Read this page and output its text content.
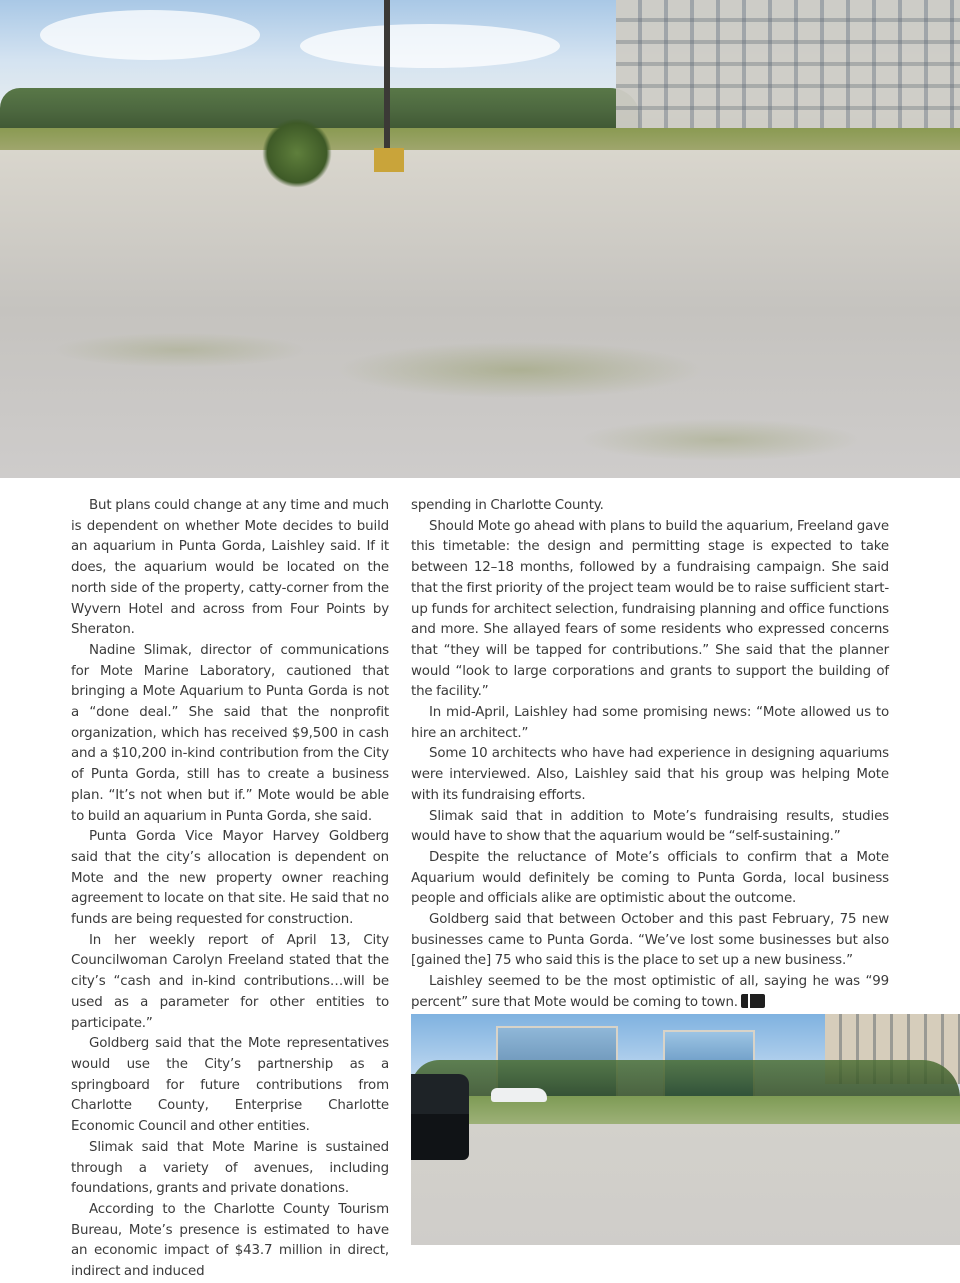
But plans could change at any time and much is dependent on whether Mote decides to build an aquarium in Punta Gorda, Laishley said. If it does, the aquarium would be located on the north side of the property, catty-corner from the Wyvern Hotel and across from Four Points by Sheraton.

Nadine Slimak, director of communications for Mote Marine Laboratory, cautioned that bringing a Mote Aquarium to Punta Gorda is not a “done deal.” She said that the nonprofit organization, which has received $9,500 in cash and a $10,200 in-kind contribution from the City of Punta Gorda, still has to create a business plan. “It’s not when but if.” Mote would be able to build an aquarium in Punta Gorda, she said.

Punta Gorda Vice Mayor Harvey Goldberg said that the city’s allocation is dependent on Mote and the new property owner reaching agreement to locate on that site. He said that no funds are being requested for construction.

In her weekly report of April 13, City Councilwoman Carolyn Freeland stated that the city’s “cash and in-kind contributions…will be used as a parameter for other entities to participate.”

Goldberg said that the Mote representatives would use the City’s partnership as a springboard for future contributions from Charlotte County, Enterprise Charlotte Economic Council and other entities.

Slimak said that Mote Marine is sustained through a variety of avenues, including foundations, grants and private donations.

According to the Charlotte County Tourism Bureau, Mote’s presence is estimated to have an economic impact of $43.7 million in direct, indirect and induced

spending in Charlotte County.

Should Mote go ahead with plans to build the aquarium, Freeland gave this timetable: the design and permitting stage is expected to take between 12–18 months, followed by a fundraising campaign. She said that the first priority of the project team would be to raise sufficient start-up funds for architect selection, fundraising planning and office functions and more. She allayed fears of some residents who expressed concerns that “they will be tapped for contributions.” She said that the planner would “look to large corporations and grants to support the building of the facility.”

In mid-April, Laishley had some promising news: “Mote allowed us to hire an architect.”

Some 10 architects who have had experience in designing aquariums were interviewed. Also, Laishley said that his group was helping Mote with its fundraising efforts.

Slimak said that in addition to Mote’s fundraising results, studies would have to show that the aquarium would be “self-sustaining.”

Despite the reluctance of Mote’s officials to confirm that a Mote Aquarium would definitely be coming to Punta Gorda, local business people and officials alike are optimistic about the outcome.

Goldberg said that between October and this past February, 75 new businesses came to Punta Gorda. “We’ve lost some businesses but also [gained the] 75 who said this is the place to set up a new business.”

Laishley seemed to be the most optimistic of all, saying he was “99 percent” sure that Mote would be coming to town.
